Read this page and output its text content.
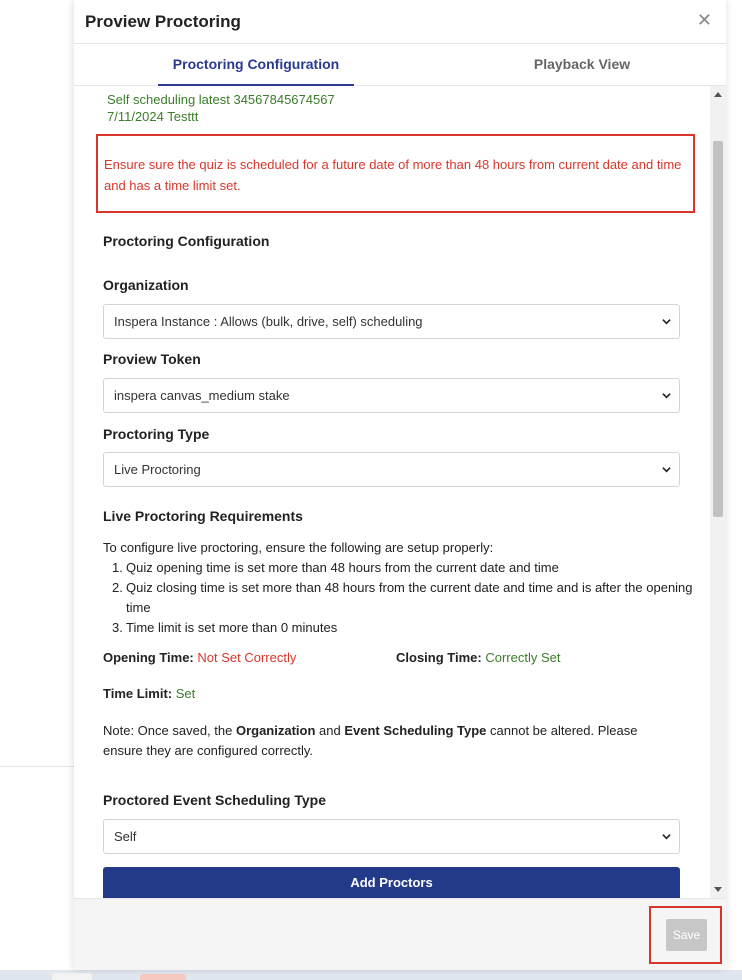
Proview Proctoring	✕
Proctoring Configuration	Playback View
Self scheduling latest 34567845674567
7/11/2024 Testtt
Ensure sure the quiz is scheduled for a future date of more than 48 hours from current date and time and has a time limit set.
Proctoring Configuration
Organization
Inspera Instance : Allows (bulk, drive, self) scheduling
Proview Token
inspera canvas_medium stake
Proctoring Type
Live Proctoring
Live Proctoring Requirements
To configure live proctoring, ensure the following are setup properly:
1. Quiz opening time is set more than 48 hours from the current date and time
2. Quiz closing time is set more than 48 hours from the current date and time and is after the opening time
3. Time limit is set more than 0 minutes
Opening Time: Not Set Correctly	Closing Time: Correctly Set
Time Limit: Set
Note: Once saved, the Organization and Event Scheduling Type cannot be altered. Please ensure they are configured correctly.
Proctored Event Scheduling Type
Self
Add Proctors
Save
